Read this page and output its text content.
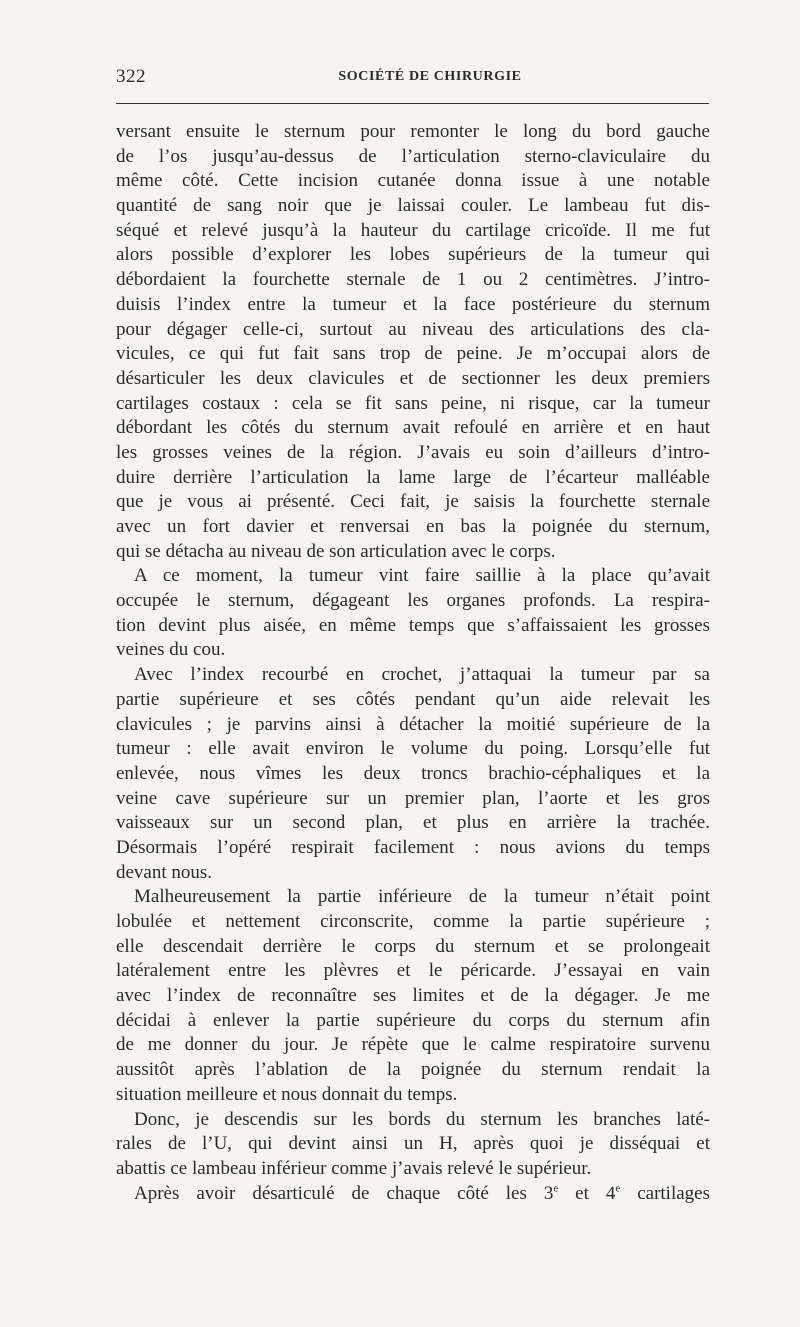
322	SOCIÉTÉ DE CHIRURGIE
versant ensuite le sternum pour remonter le long du bord gauche
de l’os jusqu’au-dessus de l’articulation sterno-claviculaire du
même côté. Cette incision cutanée donna issue à une notable
quantité de sang noir que je laissai couler. Le lambeau fut dis-
séqué et relevé jusqu’à la hauteur du cartilage cricoïde. Il me fut
alors possible d’explorer les lobes supérieurs de la tumeur qui
débordaient la fourchette sternale de 1 ou 2 centimètres. J’intro-
duisis l’index entre la tumeur et la face postérieure du sternum
pour dégager celle-ci, surtout au niveau des articulations des cla-
vicules, ce qui fut fait sans trop de peine. Je m’occupai alors de
désarticuler les deux clavicules et de sectionner les deux premiers
cartilages costaux : cela se fit sans peine, ni risque, car la tumeur
débordant les côtés du sternum avait refoulé en arrière et en haut
les grosses veines de la région. J’avais eu soin d’ailleurs d’intro-
duire derrière l’articulation la lame large de l’écarteur malléable
que je vous ai présenté. Ceci fait, je saisis la fourchette sternale
avec un fort davier et renversai en bas la poignée du sternum,
qui se détacha au niveau de son articulation avec le corps.
A ce moment, la tumeur vint faire saillie à la place qu’avait
occupée le sternum, dégageant les organes profonds. La respira-
tion devint plus aisée, en même temps que s’affaissaient les grosses
veines du cou.
Avec l’index recourbé en crochet, j’attaquai la tumeur par sa
partie supérieure et ses côtés pendant qu’un aide relevait les
clavicules ; je parvins ainsi à détacher la moitié supérieure de la
tumeur : elle avait environ le volume du poing. Lorsqu’elle fut
enlevée, nous vîmes les deux troncs brachio-céphaliques et la
veine cave supérieure sur un premier plan, l’aorte et les gros
vaisseaux sur un second plan, et plus en arrière la trachée.
Désormais l’opéré respirait facilement : nous avions du temps
devant nous.
Malheureusement la partie inférieure de la tumeur n’était point
lobulée et nettement circonscrite, comme la partie supérieure ;
elle descendait derrière le corps du sternum et se prolongeait
latéralement entre les plèvres et le péricarde. J’essayai en vain
avec l’index de reconnaître ses limites et de la dégager. Je me
décidai à enlever la partie supérieure du corps du sternum afin
de me donner du jour. Je répète que le calme respiratoire survenu
aussitôt après l’ablation de la poignée du sternum rendait la
situation meilleure et nous donnait du temps.
Donc, je descendis sur les bords du sternum les branches laté-
rales de l’U, qui devint ainsi un H, après quoi je disséquai et
abattis ce lambeau inférieur comme j’avais relevé le supérieur.
Après avoir désarticulé de chaque côté les 3e et 4e cartilages
